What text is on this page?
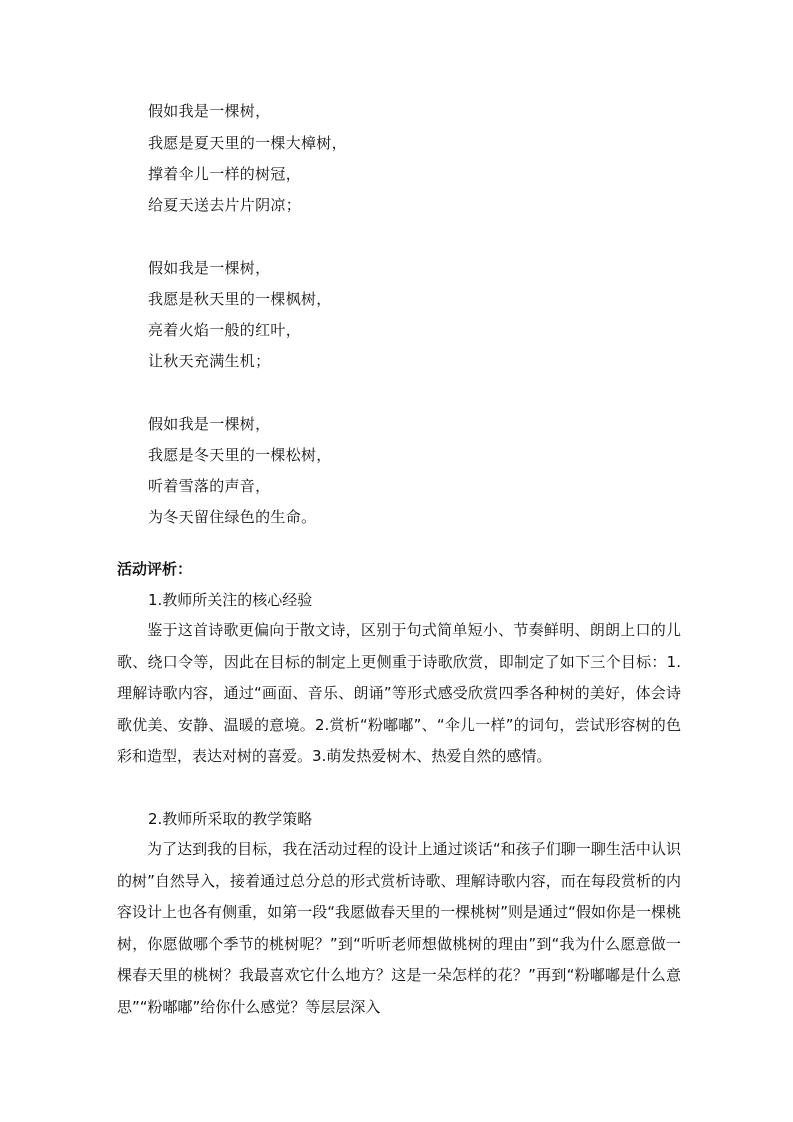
假如我是一棵树，
我愿是夏天里的一棵大樟树，
撑着伞儿一样的树冠，
给夏天送去片片阴凉；
假如我是一棵树，
我愿是秋天里的一棵枫树，
亮着火焰一般的红叶，
让秋天充满生机；
假如我是一棵树，
我愿是冬天里的一棵松树，
听着雪落的声音，
为冬天留住绿色的生命。
活动评析：
1.教师所关注的核心经验

鉴于这首诗歌更偏向于散文诗，区别于句式简单短小、节奏鲜明、朗朗上口的儿歌、绕口令等，因此在目标的制定上更侧重于诗歌欣赏，即制定了如下三个目标：1.理解诗歌内容，通过“画面、音乐、朗诵”等形式感受欣赏四季各种树的美好，体会诗歌优美、安静、温暖的意境。2.赏析“粉嘟嘟”、“伞儿一样”的词句，尝试形容树的色彩和造型，表达对树的喜爱。3.萌发热爱树木、热爱自然的感情。

2.教师所采取的教学策略

为了达到我的目标，我在活动过程的设计上通过谈话“和孩子们聊一聊生活中认识的树”自然导入，接着通过总分总的形式赏析诗歌、理解诗歌内容，而在每段赏析的内容设计上也各有侧重，如第一段“我愿做春天里的一棵桃树”则是通过“假如你是一棵桃树，你愿做哪个季节的桃树呢？”到“听听老师想做桃树的理由”到“我为什么愿意做一棵春天里的桃树？我最喜欢它什么地方？这是一朵怎样的花？”再到“粉嘟嘟是什么意思”“粉嘟嘟”给你什么感觉？等层层深入
